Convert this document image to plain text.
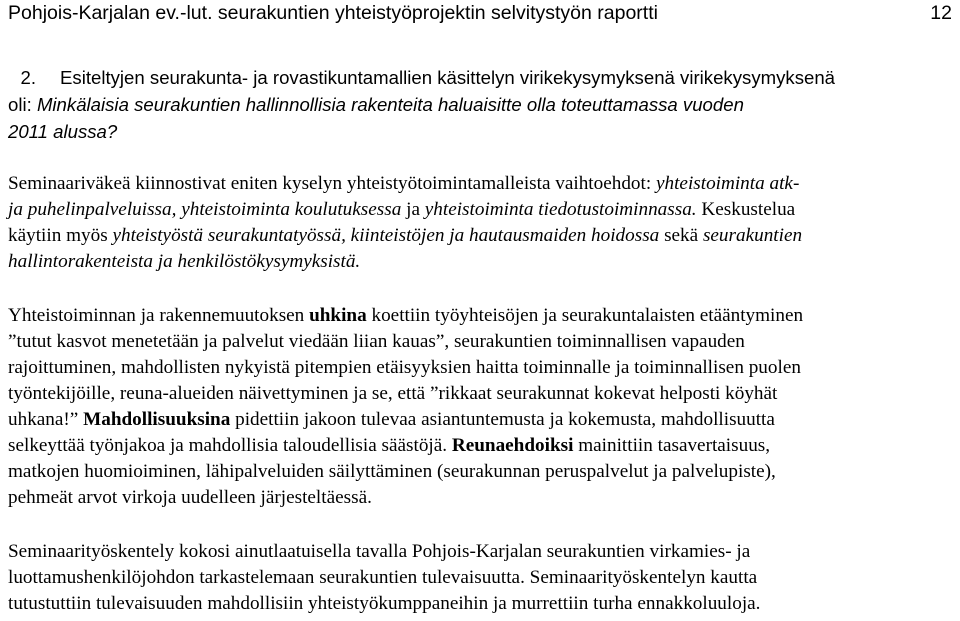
Pohjois-Karjalan ev.-lut. seurakuntien yhteistyöprojektin selvitystyön raportti	12
2. Esiteltyjen seurakunta- ja rovastikuntamallien käsittelyn virikekysymyksenä virikekysymyksenä
oli: Minkälaisia seurakuntien hallinnollisia rakenteita haluaisitte olla toteuttamassa vuoden
2011 alussa?
Seminaariväkeä kiinnostivat eniten kyselyn yhteistyötoimintamalleista vaihtoehdot: yhteistoiminta atk-
ja puhelinpalveluissa, yhteistoiminta koulutuksessa ja yhteistoiminta tiedotustoiminnassa. Keskustelua
käytiin myös yhteistyöstä seurakuntatyössä, kiinteistöjen ja hautausmaiden hoidossa sekä seurakuntien
hallintorakenteista ja henkilöstökysymyksistä.
Yhteistoiminnan ja rakennemuutoksen uhkina koettiin työyhteisöjen ja seurakuntalaisten etääntyminen
”tutut kasvot menetetään ja palvelut viedään liian kauas”, seurakuntien toiminnallisen vapauden
rajoittuminen, mahdollisten nykyistä pitempien etäisyyksien haitta toiminnalle ja toiminnallisen puolen
työntekijöille, reuna-alueiden näivettyminen ja se, että ”rikkaat seurakunnat kokevat helposti köyhät
uhkana!” Mahdollisuuksina pidettiin jakoon tulevaa asiantuntemusta ja kokemusta, mahdollisuutta
selkeyttää työnjakoa ja mahdollisia taloudellisia säästöjä. Reunaehdoiksi mainittiin tasavertaisuus,
matkojen huomioiminen, lähipalveluiden säilyttäminen (seurakunnan peruspalvelut ja palvelupiste),
pehmeät arvot virkoja uudelleen järjesteltäessä.
Seminaarityöskentely kokosi ainutlaatuisella tavalla Pohjois-Karjalan seurakuntien virkamies- ja
luottamushenkilöjohdon tarkastelemaan seurakuntien tulevaisuutta. Seminaarityöskentelyn kautta
tutustuttiin tulevaisuuden mahdollisiin yhteistyökumppaneihin ja murrettiin turha ennakkoluuloja.
